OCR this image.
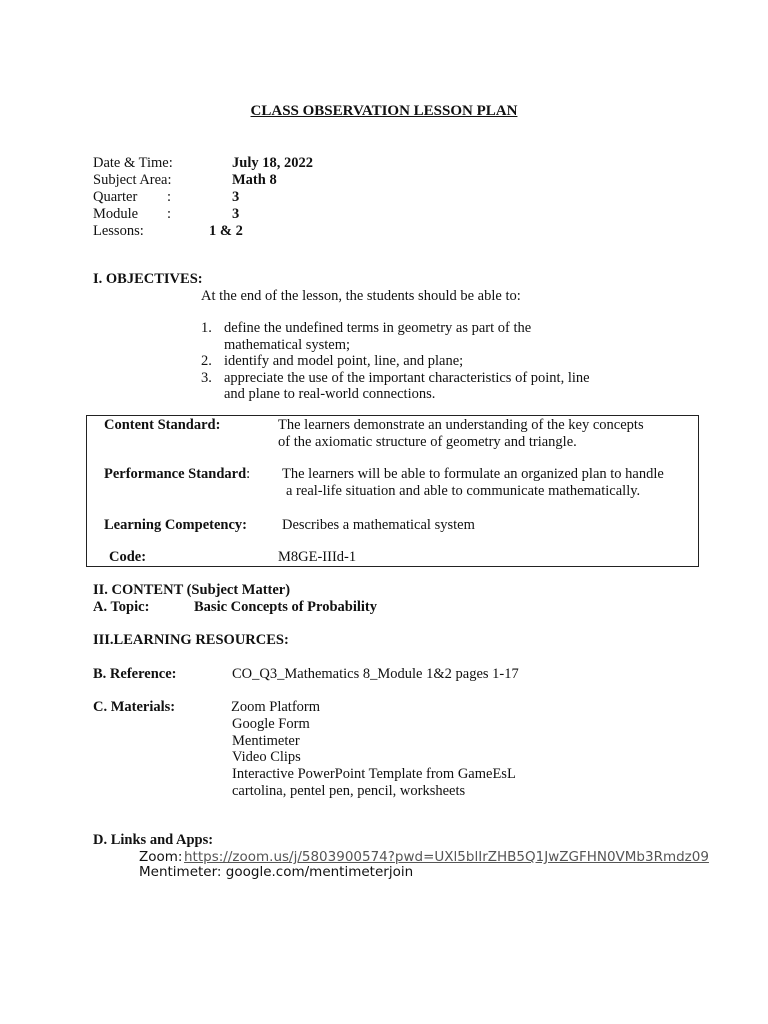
CLASS OBSERVATION LESSON PLAN
Date & Time:	July 18, 2022
Subject Area:	Math 8
Quarter :	3
Module :	3
Lessons:	1 & 2
I. OBJECTIVES:
At the end of the lesson, the students should be able to:
1. define the undefined terms in geometry as part of the
mathematical system;
2. identify and model point, line, and plane;
3. appreciate the use of the important characteristics of point, line
and plane to real-world connections.
Content Standard:	The learners demonstrate an understanding of the key concepts
of the axiomatic structure of geometry and triangle.
Performance Standard: The learners will be able to formulate an organized plan to handle
a real-life situation and able to communicate mathematically.
Learning Competency: Describes a mathematical system
Code:	M8GE-IIId-1
II. CONTENT (Subject Matter)
A. Topic:	Basic Concepts of Probability
III.LEARNING RESOURCES:
B. Reference:	CO_Q3_Mathematics 8_Module 1&2 pages 1-17
C. Materials:	Zoom Platform
Google Form
Mentimeter
Video Clips
Interactive PowerPoint Template from GameEsL
cartolina, pentel pen, pencil, worksheets
D. Links and Apps:
Zoom: https://zoom.us/j/5803900574?pwd=UXl5blIrZHB5Q1JwZGFHN0VMb3Rmdz09
Mentimeter: google.com/mentimeterjoin
